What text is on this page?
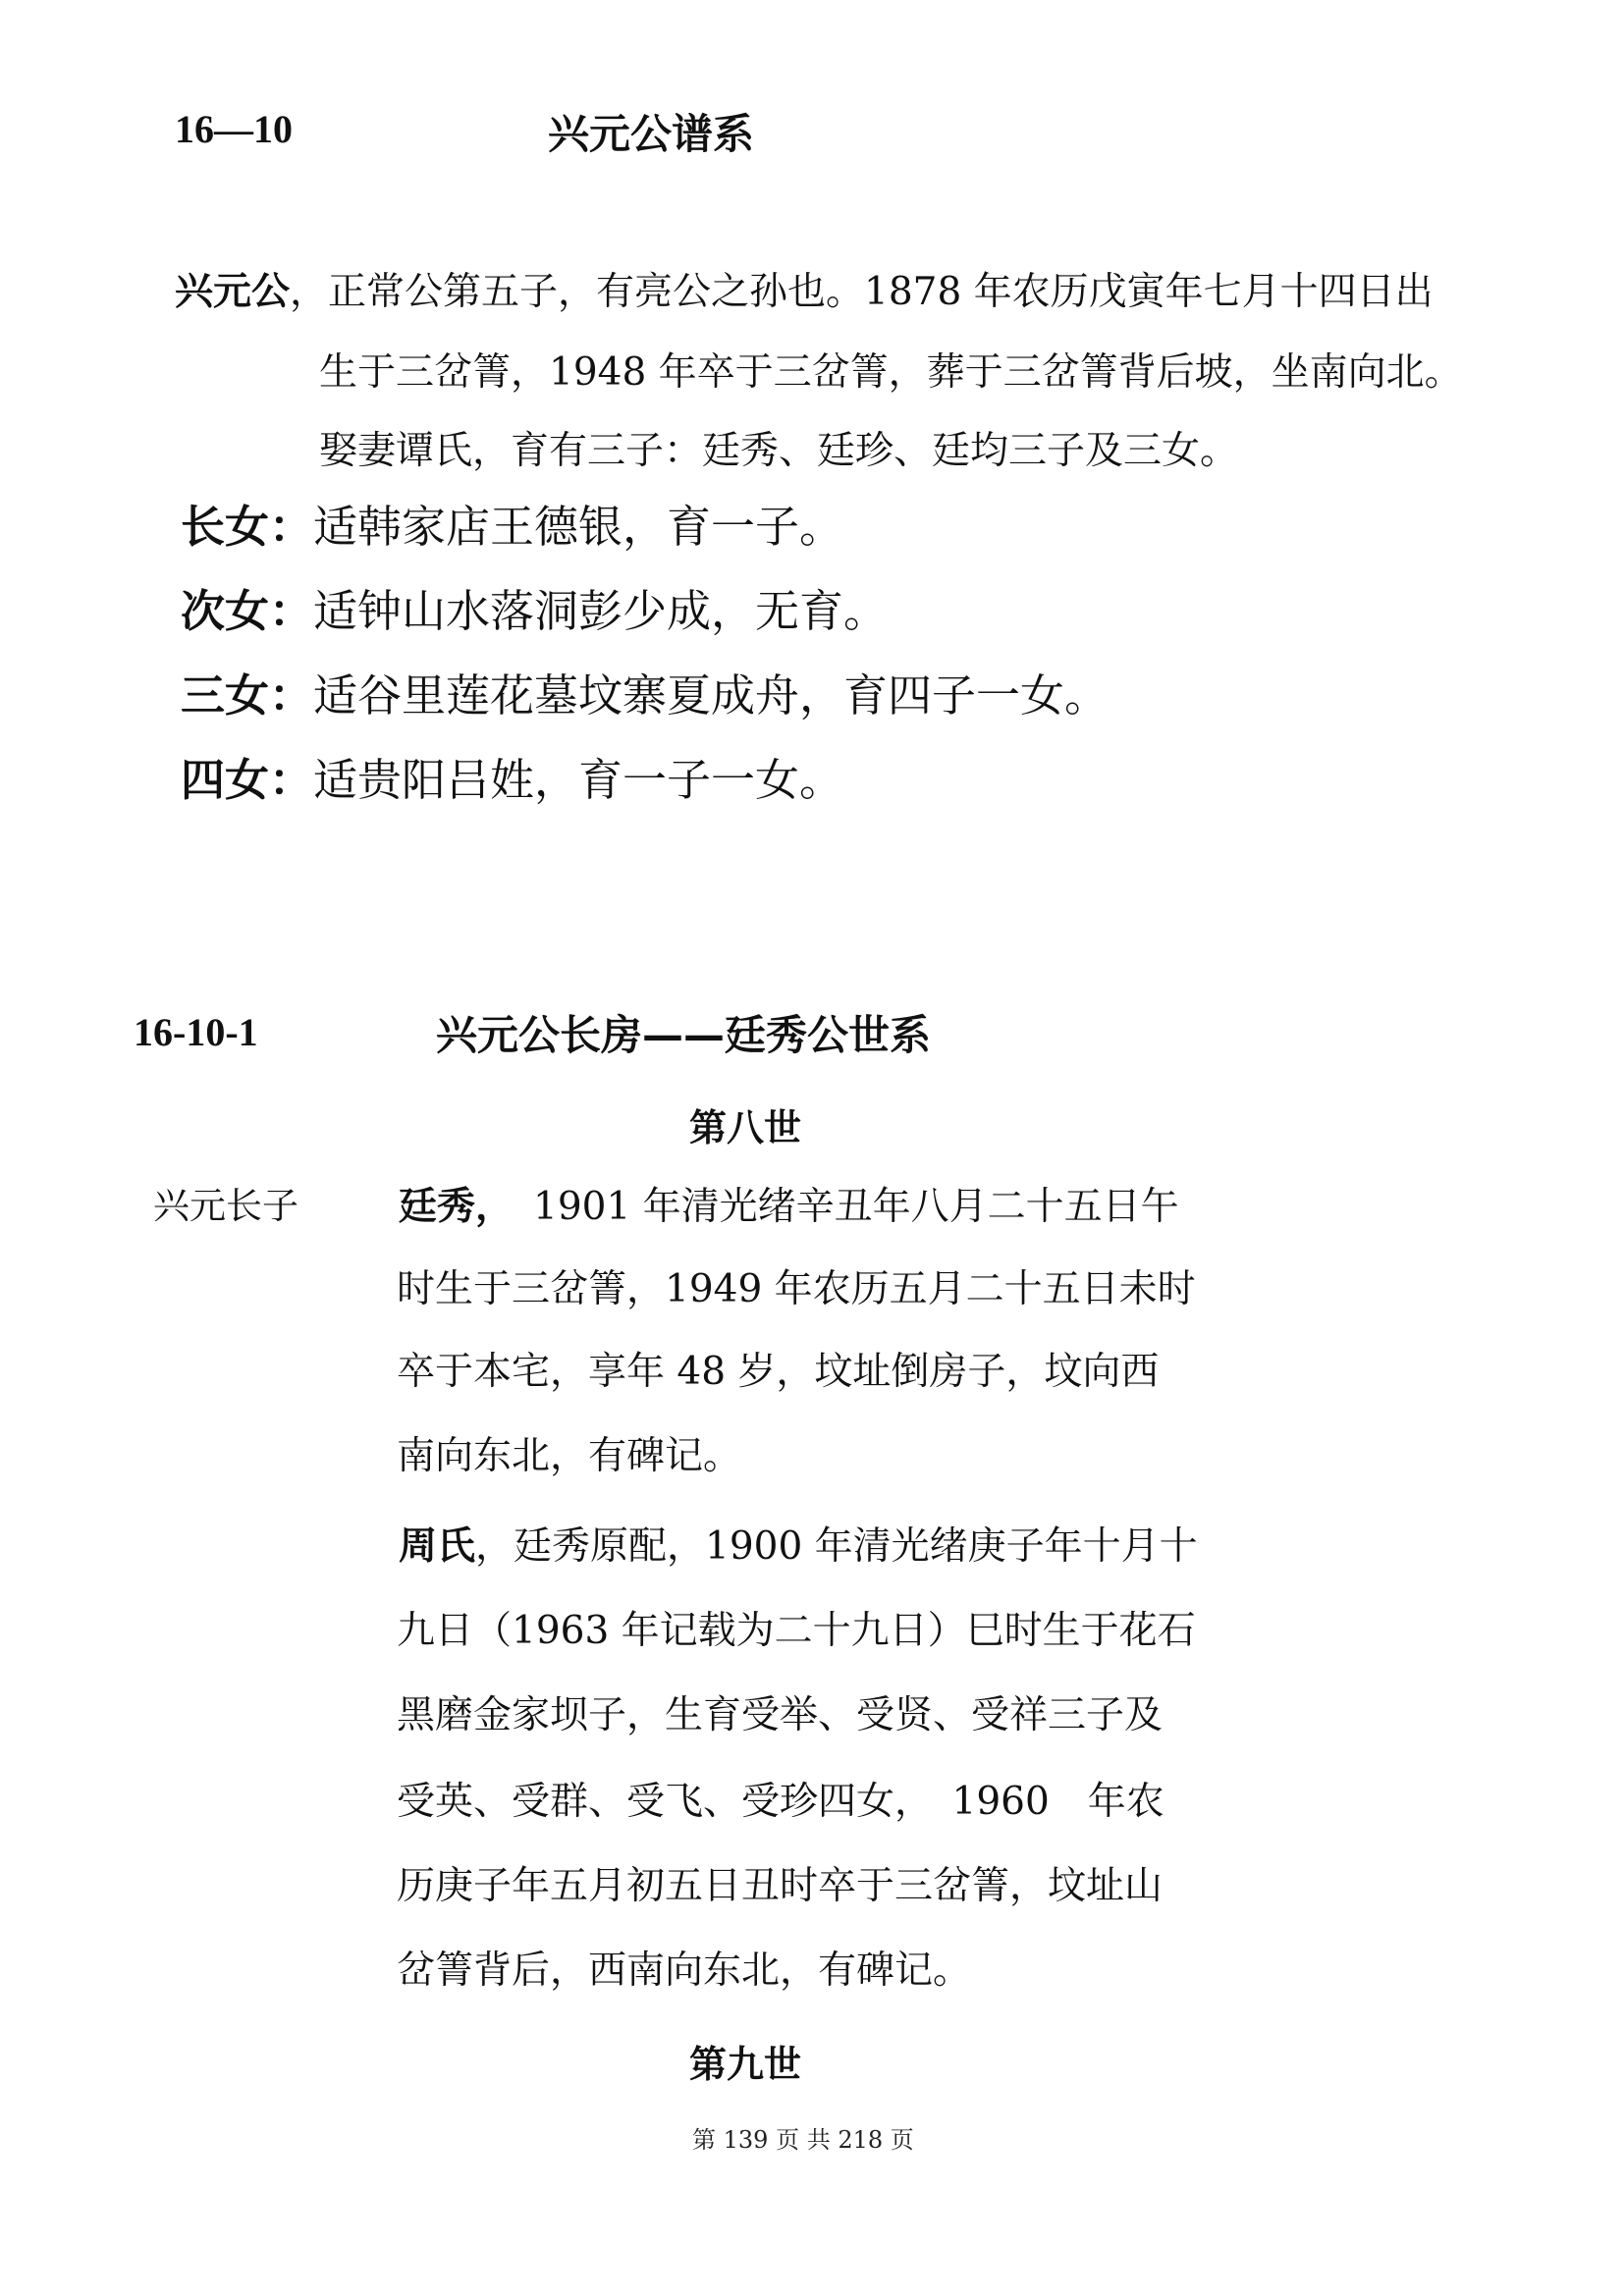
16—10	兴元公谱系
兴元公，正常公第五子，有亮公之孙也。1878 年农历戊寅年七月十四日出
生于三岔箐，1948 年卒于三岔箐，葬于三岔箐背后坡，坐南向北。
娶妻谭氏，育有三子：廷秀、廷珍、廷均三子及三女。
长女：适韩家店王德银，育一子。
次女：适钟山水落洞彭少成，无育。
三女：适谷里莲花墓坟寨夏成舟，育四子一女。
四女：适贵阳吕姓，育一子一女。
16-10-1	兴元公长房——廷秀公世系
第八世
兴元长子	廷秀， 1901 年清光绪辛丑年八月二十五日午
时生于三岔箐，1949 年农历五月二十五日未时
卒于本宅，享年 48 岁，坟址倒房子，坟向西
南向东北，有碑记。
周氏，廷秀原配，1900 年清光绪庚子年十月十
九日（1963 年记载为二十九日）巳时生于花石
黑磨金家坝子，生育受举、受贤、受祥三子及
受英、受群、受飞、受珍四女，　1960　年农
历庚子年五月初五日丑时卒于三岔箐，坟址山
岔箐背后，西南向东北，有碑记。
第九世
第 139 页 共 218 页
